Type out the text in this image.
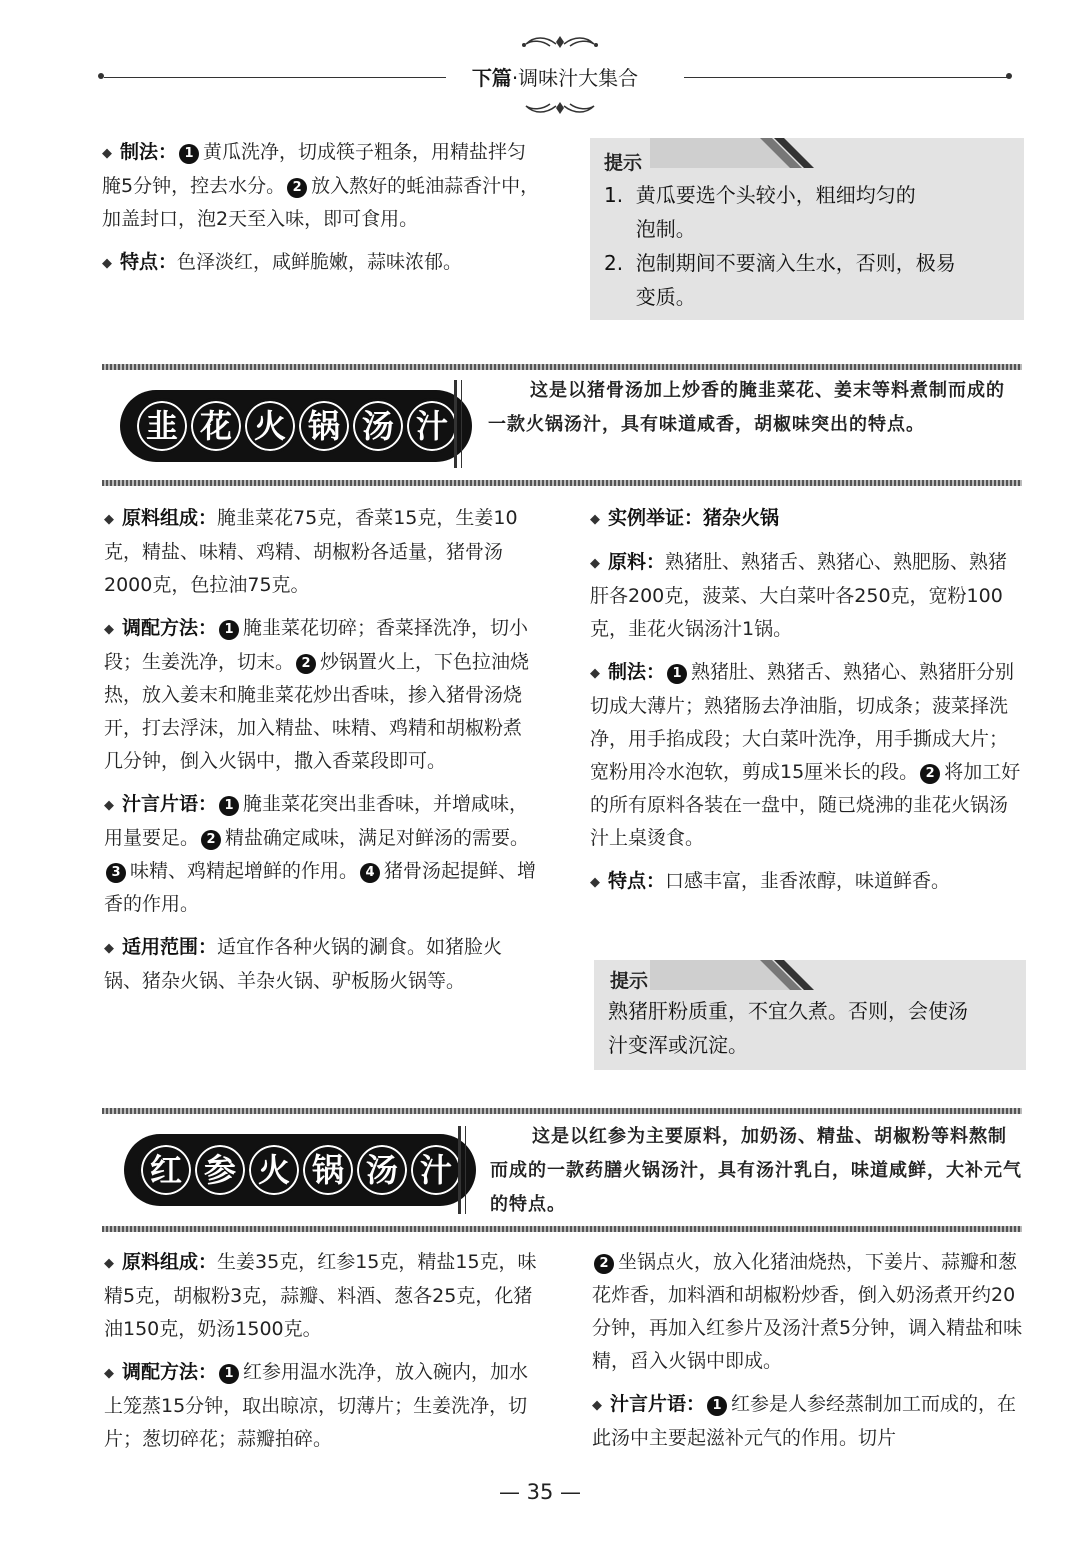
下篇·调味汁大集合

◆制法： 1 黄瓜洗净，切成筷子粗条，用精盐拌匀腌5分钟，控去水分。 2 放入熬好的蚝油蒜香汁中，加盖封口，泡2天至入味，即可食用。

◆特点：色泽淡红，咸鲜脆嫩，蒜味浓郁。

提示
1.  黄瓜要选个头较小，粗细均匀的
泡制。
2.  泡制期间不要滴入生水，否则，极易
变质。
韭 花 火 锅 汤 汁
这是以猪骨汤加上炒香的腌韭菜花、姜末等料煮制而成的一款火锅汤汁，具有味道咸香，胡椒味突出的特点。

◆原料组成：腌韭菜花75克，香菜15克，生姜10克，精盐、味精、鸡精、胡椒粉各适量，猪骨汤2000克，色拉油75克。

◆调配方法： 1 腌韭菜花切碎；香菜择洗净，切小段；生姜洗净，切末。 2 炒锅置火上，下色拉油烧热，放入姜末和腌韭菜花炒出香味，掺入猪骨汤烧开，打去浮沫，加入精盐、味精、鸡精和胡椒粉煮几分钟，倒入火锅中，撒入香菜段即可。

◆汁言片语： 1 腌韭菜花突出韭香味，并增咸味，用量要足。 2 精盐确定咸味，满足对鲜汤的需要。3 味精、鸡精起增鲜的作用。 4 猪骨汤起提鲜、增香的作用。

◆适用范围：适宜作各种火锅的涮食。如猪脸火锅、猪杂火锅、羊杂火锅、驴板肠火锅等。

◆实例举证：猪杂火锅

◆原料：熟猪肚、熟猪舌、熟猪心、熟肥肠、熟猪肝各200克，菠菜、大白菜叶各250克，宽粉100克，韭花火锅汤汁1锅。

◆制法： 1 熟猪肚、熟猪舌、熟猪心、熟猪肝分别切成大薄片；熟猪肠去净油脂，切成条；菠菜择洗净，用手掐成段；大白菜叶洗净，用手撕成大片；宽粉用冷水泡软，剪成15厘米长的段。 2 将加工好的所有原料各装在一盘中，随已烧沸的韭花火锅汤汁上桌烫食。

◆特点：口感丰富，韭香浓醇，味道鲜香。

提示
熟猪肝粉质重，不宜久煮。否则，会使汤
汁变浑或沉淀。
红 参 火 锅 汤 汁
这是以红参为主要原料，加奶汤、精盐、胡椒粉等料熬制而成的一款药膳火锅汤汁，具有汤汁乳白，味道咸鲜，大补元气的特点。

◆原料组成：生姜35克，红参15克，精盐15克，味精5克，胡椒粉3克，蒜瓣、料酒、葱各25克，化猪油150克，奶汤1500克。

◆调配方法： 1 红参用温水洗净，放入碗内，加水上笼蒸15分钟，取出晾凉，切薄片；生姜洗净，切片；葱切碎花；蒜瓣拍碎。

2 坐锅点火，放入化猪油烧热，下姜片、蒜瓣和葱花炸香，加料酒和胡椒粉炒香，倒入奶汤煮开约20分钟，再加入红参片及汤汁煮5分钟，调入精盐和味精，舀入火锅中即成。

◆汁言片语： 1 红参是人参经蒸制加工而成的，在此汤中主要起滋补元气的作用。切片

— 35 —
